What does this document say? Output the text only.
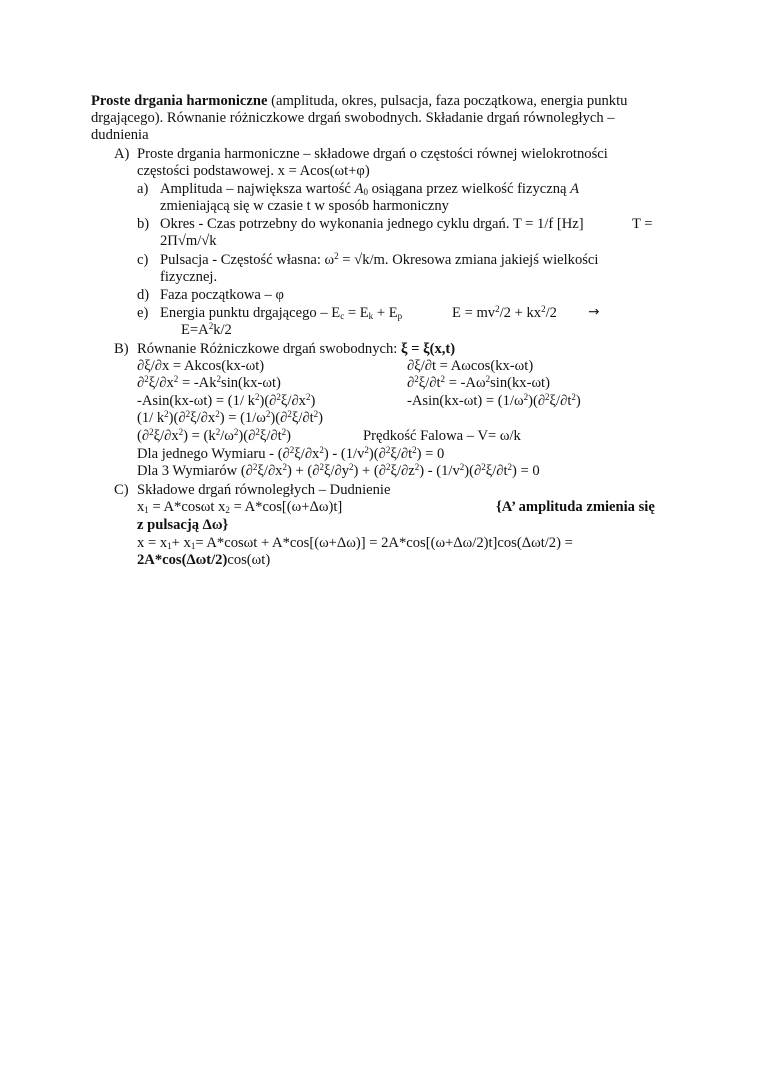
Proste drgania harmoniczne (amplituda, okres, pulsacja, faza początkowa, energia punktu
drgającego). Równanie różniczkowe drgań swobodnych. Składanie drgań równoległych –
dudnienia
A) Proste drgania harmoniczne – składowe drgań o częstości równej wielokrotności
częstości podstawowej. x = Acos(ωt+φ)
a) Amplituda – największa wartość $A_0$ osiągana przez wielkość fizyczną A
zmieniającą się w czasie t w sposób harmoniczny
b) Okres - Czas potrzebny do wykonania jednego cyklu drgań. T = 1/f [Hz]	T =
2Π√m/√k
c) Pulsacja - Częstość własna: $\omega^2 = √k/m$. Okresowa zmiana jakiejś wielkości
fizycznej.
d) Faza początkowa – φ
e) Energia punktu drgającego – $E_c = E_k + E_p$	$E = mv^2/2 + kx^2/2$ →
$E=A^2k/2$
B) Równanie Różniczkowe drgań swobodnych: ξ = ξ(x,t)
∂ξ/∂x = Akcos(kx-ωt)	∂ξ/∂t = Aωcos(kx-ωt)
$\partial^2\xi/\partial x^2 = -Ak^2\sin(kx-\omega t)$	$\partial^2\xi/\partial t^2 = -A\omega^2\sin(kx-\omega t)$
-Asin(kx-ωt) = (1/ $k^2)(\partial^2\xi/\partial x^2)$	$-Asin(kx-\omega t) = (1/\omega^2)(\partial^2\xi/\partial t^2)$
(1/ $k^2)(\partial^2\xi/\partial x^2) = (1/\omega^2)(\partial^2\xi/\partial t^2)$
$(\partial^2\xi/\partial x^2) = (k^2/\omega^2)(\partial^2\xi/\partial t^2)$	Prędkość Falowa – V= ω/k
Dla jednego Wymiaru - $(\partial^2\xi/\partial x^2) - (1/v^2)(\partial^2\xi/\partial t^2) = 0$
Dla 3 Wymiarów $(\partial^2\xi/\partial x^2) + (\partial^2\xi/\partial y^2) + (\partial^2\xi/\partial z^2) - (1/v^2)(\partial^2\xi/\partial t^2) = 0$
C) Składowe drgań równoległych – Dudnienie
$x_1 = A*\cos\omega t$ $x_2 = A*\cos[(\omega+\Delta\omega)t]$	{A’ amplituda zmienia się
z pulsacją Δω}
$x = x_1+ x_1= A*\cos\omega t + A*\cos[(\omega+\Delta\omega)] = 2A*\cos[(\omega+\Delta\omega/2)t]\cos(\Delta\omega t/2)$ =
2A*cos(Δωt/2)cos(ωt)
